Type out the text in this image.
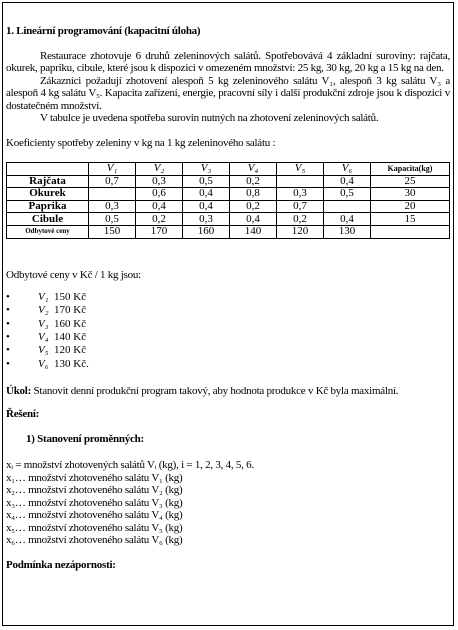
1. Lineární programování (kapacitní úloha)

Restaurace zhotovuje 6 druhů zeleninových salátů. Spotřebovává 4 základní suroviny: rajčata, okurek, papriku, cibule, které jsou k dispozici v omezeném množství: 25 kg, 30 kg, 20 kg a 15 kg na den.

Zákazníci požadují zhotovení alespoň 5 kg zeleninového salátu V₁, alespoň 3 kg salátu V₃ a alespoň 4 kg salátu V₅. Kapacita zařízení, energie, pracovní síly i další produkční zdroje jsou k dispozici v dostatečném množství.

V tabulce je uvedena spotřeba surovin nutných na zhotovení zeleninových salátů.

Koeficienty spotřeby zeleniny v kg na 1 kg zeleninového salátu :

	V₁	V₂	V₃	V₄	V₅	V₆	Kapacita(kg)
Rajčata	0,7	0,3	0,5	0,2		0,4	25
Okurek		0,6	0,4	0,8	0,3	0,5	30
Paprika	0,3	0,4	0,4	0,2	0,7		20
Cibule	0,5	0,2	0,3	0,4	0,2	0,4	15
Odbytové ceny	150	170	160	140	120	130	

Odbytové ceny v Kč / 1 kg jsou:

•	V₁ 150 Kč
•	V₂ 170 Kč
•	V₃ 160 Kč
•	V₄ 140 Kč
•	V₅ 120 Kč
•	V₆ 130 Kč.

Úkol: Stanovit denní produkční program takový, aby hodnota produkce v Kč byla maximální.

Řešení:

1) Stanovení proměnných:

xᵢ = množství zhotovených salátů Vᵢ (kg), i = 1, 2, 3, 4, 5, 6.

x₁… množství zhotoveného salátu V₁ (kg)

x₂… množství zhotoveného salátu V₂ (kg)

x₃… množství zhotoveného salátu V₃ (kg)

x₄… množství zhotoveného salátu V₄ (kg)

x₅… množství zhotoveného salátu V₅ (kg)

x₆… množství zhotoveného salátu V₆ (kg)

Podmínka nezápornosti:
